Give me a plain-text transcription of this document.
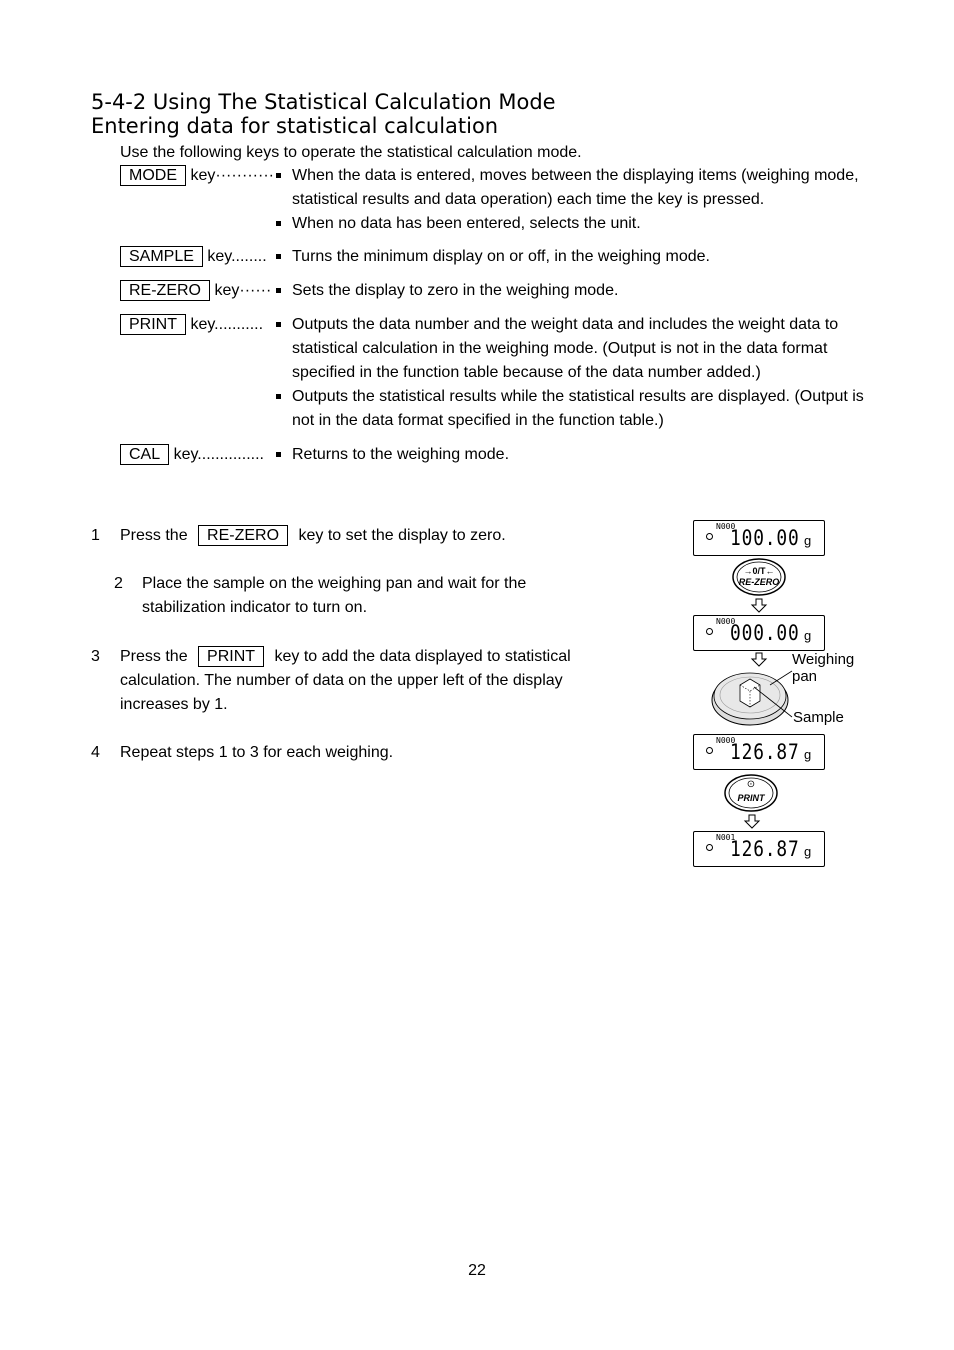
5-4-2 Using The Statistical Calculation Mode
Entering data for statistical calculation
Use the following keys to operate the statistical calculation mode.
MODE key···········	When the data is entered, moves between the displaying items (weighing mode, statistical results and data operation) each time the key is pressed.
When no data has been entered, selects the unit.
SAMPLE key........	Turns the minimum display on or off, in the weighing mode.
RE-ZERO key······	Sets the display to zero in the weighing mode.
PRINT key...........	Outputs the data number and the weight data and includes the weight data to statistical calculation in the weighing mode. (Output is not in the data format specified in the function table because of the data number added.)
Outputs the statistical results while the statistical results are displayed. (Output is not in the data format specified in the function table.)
CAL key...............	Returns to the weighing mode.
1 Press the RE-ZERO key to set the display to zero.
2 Place the sample on the weighing pan and wait for the stabilization indicator to turn on.
3 Press the PRINT key to add the data displayed to statistical calculation. The number of data on the upper left of the display increases by 1.
4 Repeat steps 1 to 3 for each weighing.
N000
100.00 g
→0/T←
RE-ZERO
N000
000.00 g
Weighing
pan
Sample
N000
126.87 g
⊙
PRINT
N001
126.87 g
22
